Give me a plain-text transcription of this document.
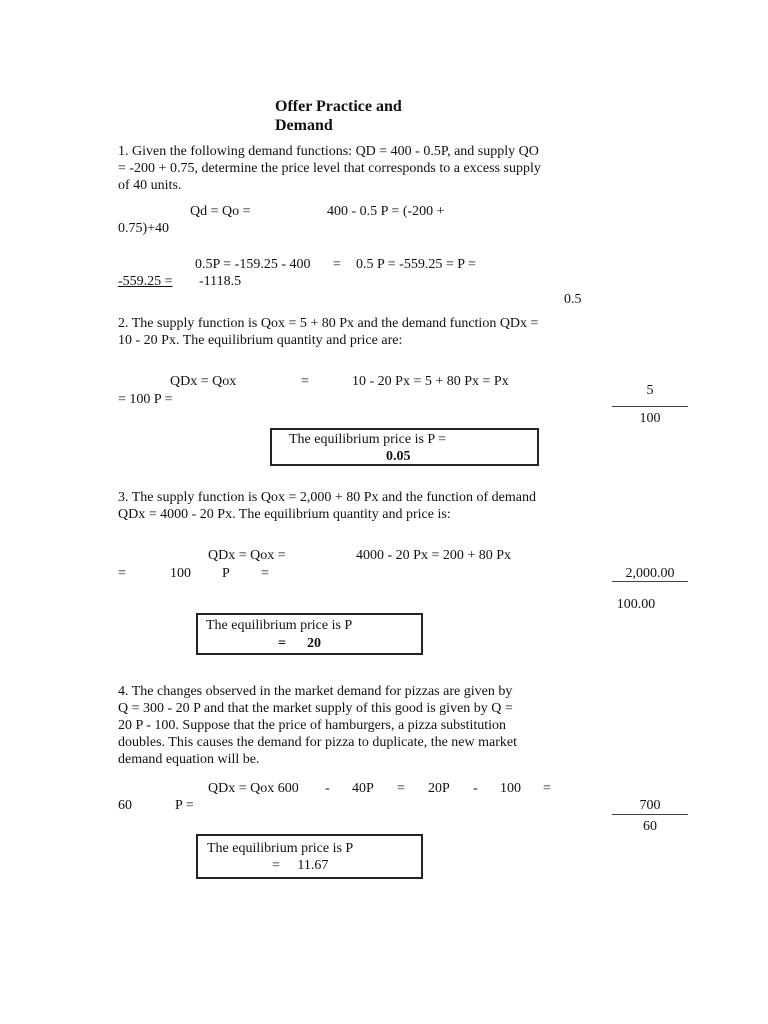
Offer Practice and
Demand
1. Given the following demand functions: QD = 400 - 0.5P, and supply QO = -200 + 0.75, determine the price level that corresponds to a excess supply of 40 units.
Qd = Qo =	400 - 0.5 P = (-200 +
0.75)+40
0.5P = -159.25 - 400 = 0.5 P = -559.25 = P =
-559.25 = -1118.5
0.5
2. The supply function is Qox = 5 + 80 Px and the demand function QDx = 10 - 20 Px. The equilibrium quantity and price are:
QDx = Qox	=	10 - 20 Px = 5 + 80 Px = Px
= 100 P =
5
100
The equilibrium price is P =
0.05
3. The supply function is Qox = 2,000 + 80 Px and the function of demand QDx = 4000 - 20 Px. The equilibrium quantity and price is:
QDx = Qox =	4000 - 20 Px = 200 + 80 Px
=	100 P =	2,000.00
100.00
The equilibrium price is P
=      20
4. The changes observed in the market demand for pizzas are given by Q = 300 - 20 P and that the market supply of this good is given by Q = 20 P - 100. Suppose that the price of hamburgers, a pizza substitution doubles. This causes the demand for pizza to duplicate, the new market demand equation will be.
QDx = Qox 600 - 40P = 20P - 100 =
60	P =	700
60
The equilibrium price is P
=     11.67
